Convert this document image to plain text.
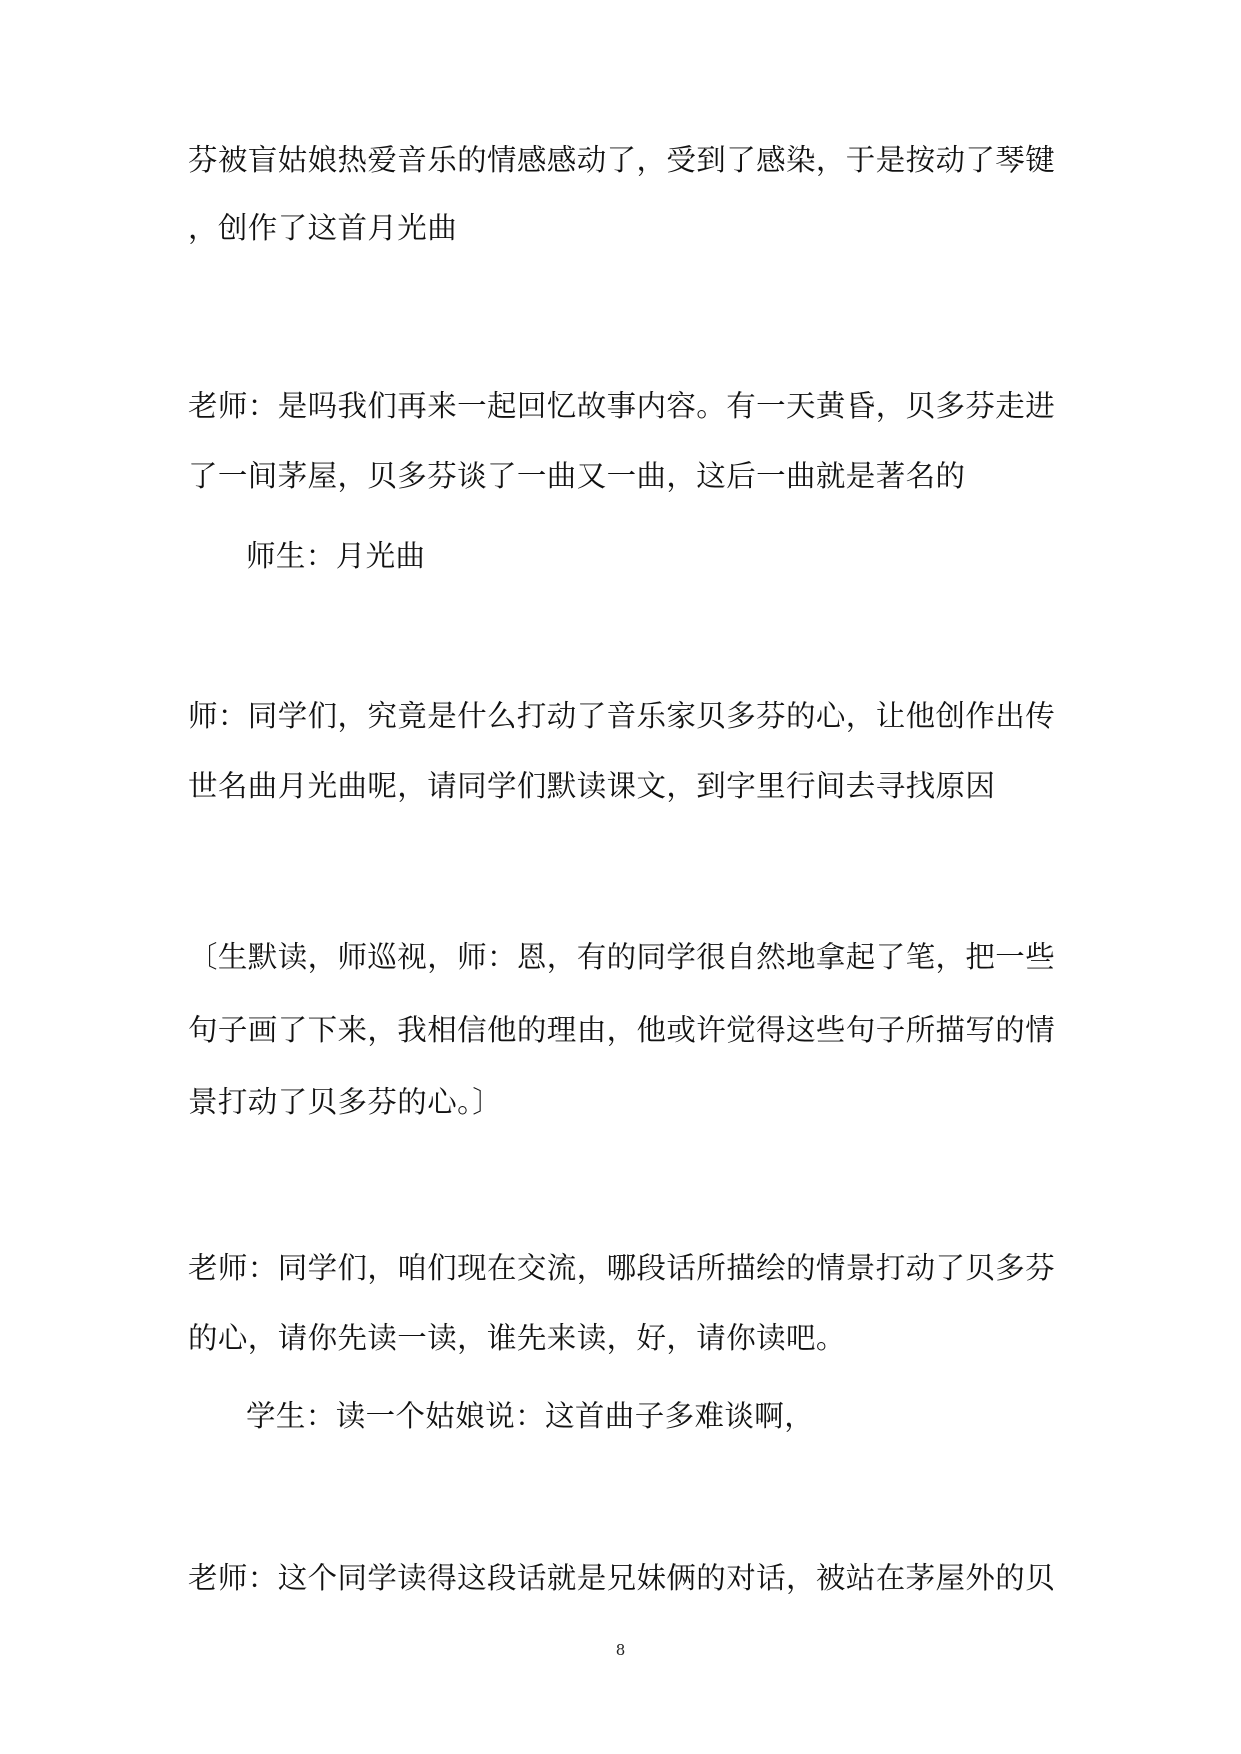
芬被盲姑娘热爱音乐的情感感动了，受到了感染，于是按动了琴键
，创作了这首月光曲
老师：是吗我们再来一起回忆故事内容。有一天黄昏，贝多芬走进
了一间茅屋，贝多芬谈了一曲又一曲，这后一曲就是著名的
师生：月光曲
师：同学们，究竟是什么打动了音乐家贝多芬的心，让他创作出传
世名曲月光曲呢，请同学们默读课文，到字里行间去寻找原因
〔生默读，师巡视，师：恩，有的同学很自然地拿起了笔，把一些
句子画了下来，我相信他的理由，他或许觉得这些句子所描写的情
景打动了贝多芬的心。〕
老师：同学们，咱们现在交流，哪段话所描绘的情景打动了贝多芬
的心，请你先读一读，谁先来读，好，请你读吧。
学生：读一个姑娘说：这首曲子多难谈啊，
老师：这个同学读得这段话就是兄妹俩的对话，被站在茅屋外的贝
8
